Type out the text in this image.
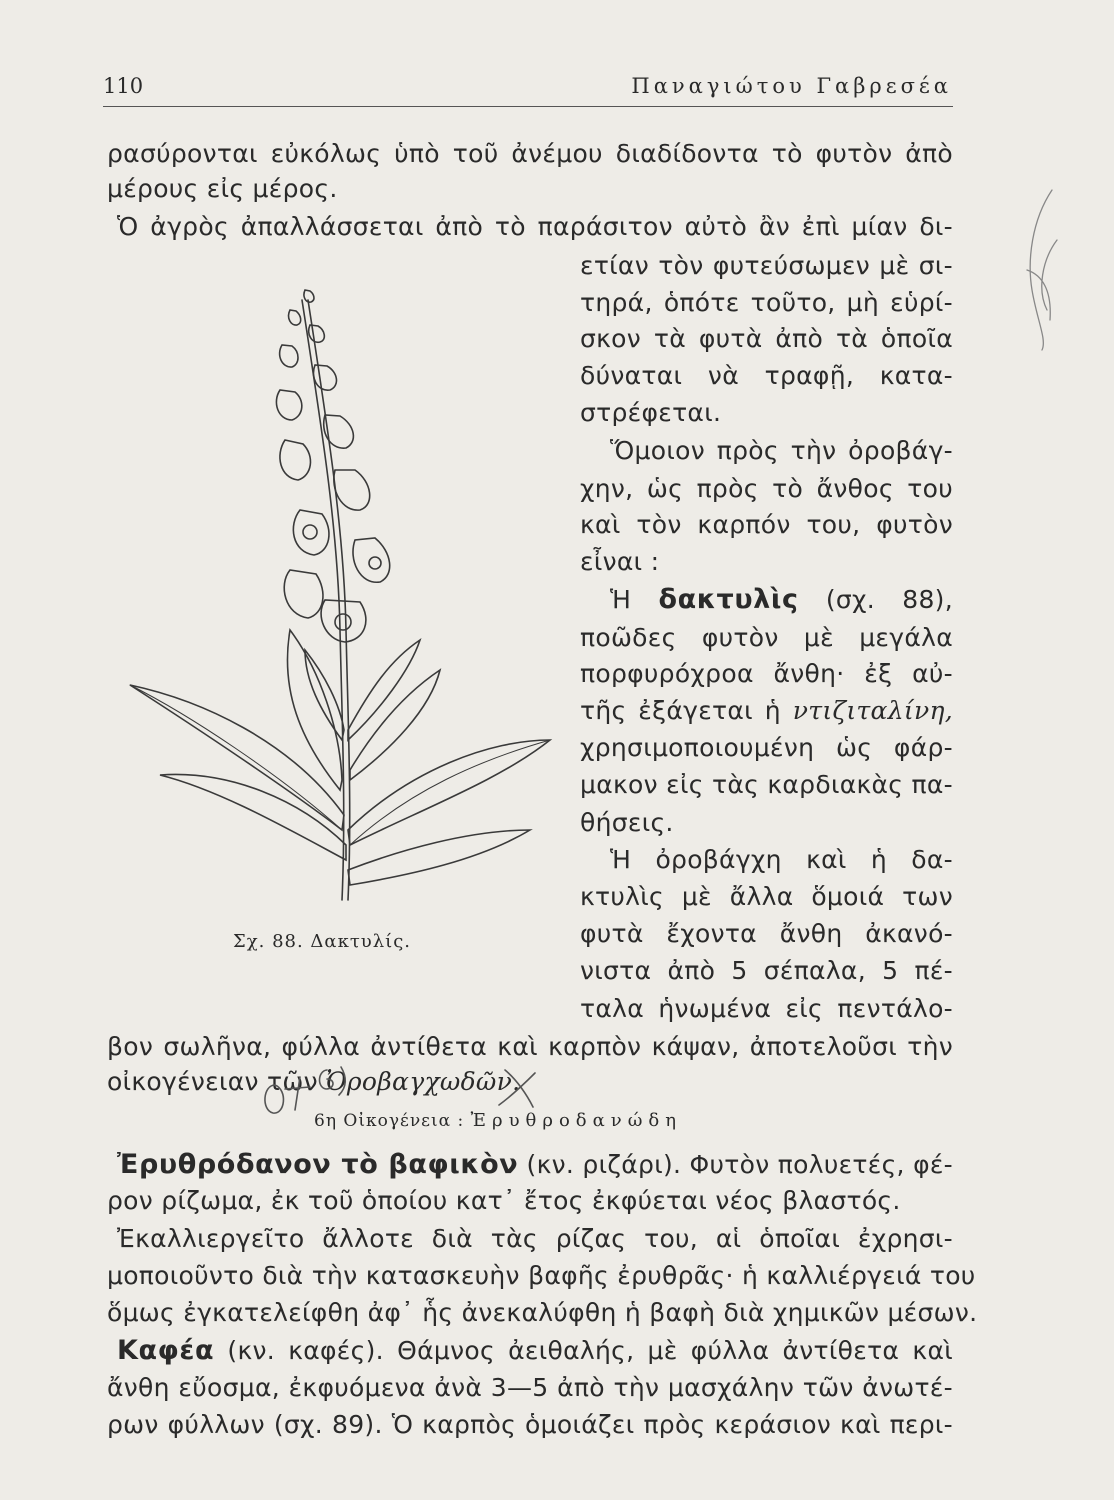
110	Παναγιώτου Γαβρεσέα
ρασύρονται εὐκόλως ὑπὸ τοῦ ἀνέμου διαδίδοντα τὸ φυτὸν ἀπὸ
μέρους εἰς μέρος.
Ὁ ἀγρὸς ἀπαλλάσσεται ἀπὸ τὸ παράσιτον αὐτὸ ἂν ἐπὶ μίαν δι-
ετίαν τὸν φυτεύσωμεν μὲ σι-
τηρά, ὁπότε τοῦτο, μὴ εὑρί-
σκον τὰ φυτὰ ἀπὸ τὰ ὁποῖα
δύναται νὰ τραφῇ, κατα-
στρέφεται.
Ὅμοιον πρὸς τὴν ὀροβάγ-
χην, ὡς πρὸς τὸ ἄνθος του
καὶ τὸν καρπόν του, φυτὸν
εἶναι :
Ἡ δακτυλὶς (σχ. 88),
ποῶδες φυτὸν μὲ μεγάλα
πορφυρόχροα ἄνθη· ἐξ αὐ-
τῆς ἐξάγεται ἡ ντιζιταλίνη,
χρησιμοποιουμένη ὡς φάρ-
μακον εἰς τὰς καρδιακὰς πα-
θήσεις.
Ἡ ὀροβάγχη καὶ ἡ δα-
κτυλὶς μὲ ἄλλα ὅμοιά των
φυτὰ ἔχοντα ἄνθη ἀκανό-
νιστα ἀπὸ 5 σέπαλα, 5 πέ-
ταλα ἡνωμένα εἰς πεντάλο-
Σχ. 88. Δακτυλίς.
βον σωλῆνα, φύλλα ἀντίθετα καὶ καρπὸν κάψαν, ἀποτελοῦσι τὴν
οἰκογένειαν τῶν Ὀροβαγχωδῶν.
6η Οἰκογένεια : Ἐρυθροδανώδη
Ἐρυθρόδανον τὸ βαφικὸν (κν. ριζάρι). Φυτὸν πολυετές, φέ-
ρον ρίζωμα, ἐκ τοῦ ὁποίου κατ᾿ ἔτος ἐκφύεται νέος βλαστός.
Ἐκαλλιεργεῖτο ἄλλοτε διὰ τὰς ρίζας του, αἱ ὁποῖαι ἐχρησι-
μοποιοῦντο διὰ τὴν κατασκευὴν βαφῆς ἐρυθρᾶς· ἡ καλλιέργειά του
ὅμως ἐγκατελείφθη ἀφ᾿ ἧς ἀνεκαλύφθη ἡ βαφὴ διὰ χημικῶν μέσων.
Καφέα (κν. καφές). Θάμνος ἀειθαλής, μὲ φύλλα ἀντίθετα καὶ
ἄνθη εὔοσμα, ἐκφυόμενα ἀνὰ 3—5 ἀπὸ τὴν μασχάλην τῶν ἀνωτέ-
ρων φύλλων (σχ. 89). Ὁ καρπὸς ὁμοιάζει πρὸς κεράσιον καὶ περι-
